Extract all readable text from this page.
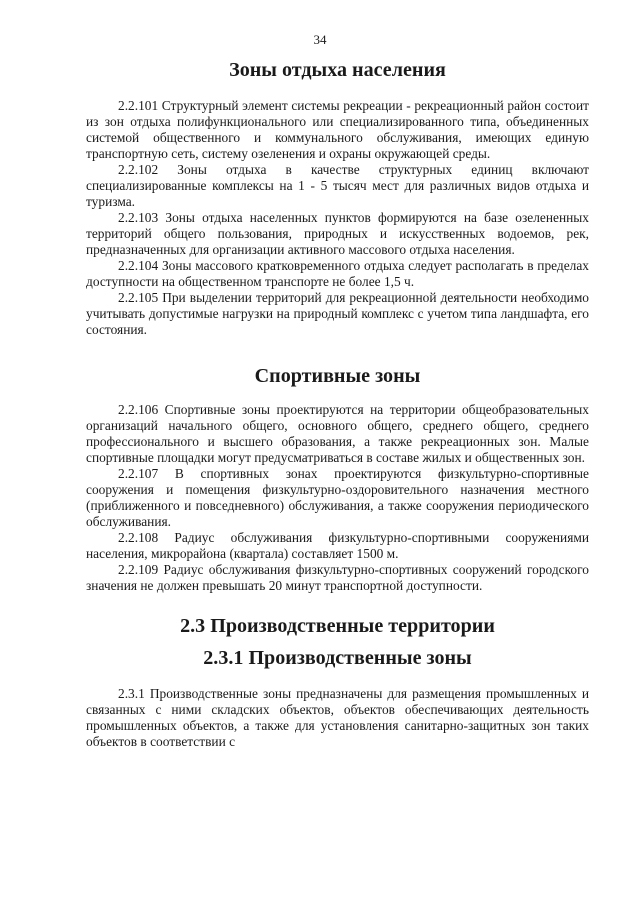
34
Зоны отдыха населения

2.2.101 Структурный элемент системы рекреации - рекреационный район состоит из зон отдыха полифункционального или специализированного типа, объединенных системой общественного и коммунального обслуживания, имеющих единую транспортную сеть, систему озеленения и охраны окружающей среды.

2.2.102 Зоны отдыха в качестве структурных единиц включают специализированные комплексы на 1 - 5 тысяч мест для различных видов отдыха и туризма.

2.2.103 Зоны отдыха населенных пунктов формируются на базе озелененных территорий общего пользования, природных и искусственных водоемов, рек, предназначенных для организации активного массового отдыха населения.

2.2.104 Зоны массового кратковременного отдыха следует располагать в пределах доступности на общественном транспорте не более 1,5 ч.

2.2.105 При выделении территорий для рекреационной деятельности необходимо учитывать допустимые нагрузки на природный комплекс с учетом типа ландшафта, его состояния.

Спортивные зоны

2.2.106 Спортивные зоны проектируются на территории общеобразовательных организаций начального общего, основного общего, среднего общего, среднего профессионального и высшего образования, а также рекреационных зон. Малые спортивные площадки могут предусматриваться в составе жилых и общественных зон.

2.2.107 В спортивных зонах проектируются физкультурно-спортивные сооружения и помещения физкультурно-оздоровительного назначения местного (приближенного и повседневного) обслуживания, а также сооружения периодического обслуживания.

2.2.108 Радиус обслуживания физкультурно-спортивными сооружениями населения, микрорайона (квартала) составляет 1500 м.

2.2.109 Радиус обслуживания физкультурно-спортивных сооружений городского значения не должен превышать 20 минут транспортной доступности.

2.3 Производственные территории
2.3.1 Производственные зоны

2.3.1 Производственные зоны предназначены для размещения промышленных и связанных с ними складских объектов, объектов обеспечивающих деятельность промышленных объектов, а также для установления санитарно-защитных зон таких объектов в соответствии с
